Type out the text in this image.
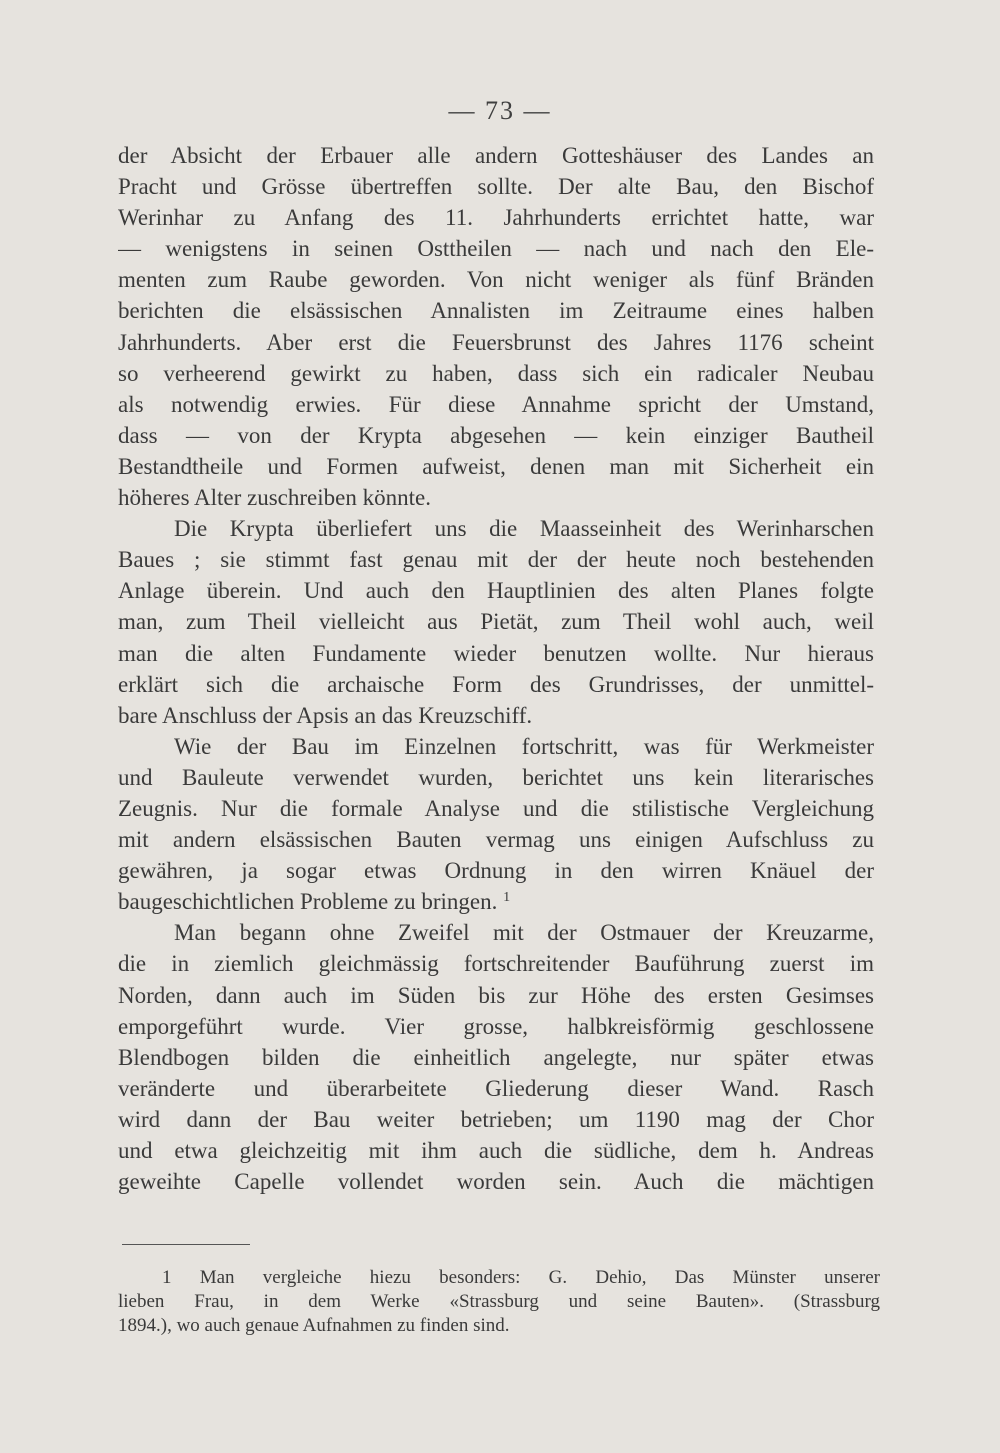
— 73 —

der Absicht der Erbauer alle andern Gotteshäuser des Landes an
Pracht und Grösse übertreffen sollte. Der alte Bau, den Bischof
Werinhar zu Anfang des 11. Jahrhunderts errichtet hatte, war
— wenigstens in seinen Osttheilen — nach und nach den Ele-
menten zum Raube geworden. Von nicht weniger als fünf Bränden
berichten die elsässischen Annalisten im Zeitraume eines halben
Jahrhunderts. Aber erst die Feuersbrunst des Jahres 1176 scheint
so verheerend gewirkt zu haben, dass sich ein radicaler Neubau
als notwendig erwies. Für diese Annahme spricht der Umstand,
dass — von der Krypta abgesehen — kein einziger Bautheil
Bestandtheile und Formen aufweist, denen man mit Sicherheit ein
höheres Alter zuschreiben könnte.

Die Krypta überliefert uns die Maasseinheit des Werinharschen
Baues ; sie stimmt fast genau mit der der heute noch bestehenden
Anlage überein. Und auch den Hauptlinien des alten Planes folgte
man, zum Theil vielleicht aus Pietät, zum Theil wohl auch, weil
man die alten Fundamente wieder benutzen wollte. Nur hieraus
erklärt sich die archaische Form des Grundrisses, der unmittel-
bare Anschluss der Apsis an das Kreuzschiff.

Wie der Bau im Einzelnen fortschritt, was für Werkmeister
und Bauleute verwendet wurden, berichtet uns kein literarisches
Zeugnis. Nur die formale Analyse und die stilistische Vergleichung
mit andern elsässischen Bauten vermag uns einigen Aufschluss zu
gewähren, ja sogar etwas Ordnung in den wirren Knäuel der
baugeschichtlichen Probleme zu bringen. $^1$

Man begann ohne Zweifel mit der Ostmauer der Kreuzarme,
die in ziemlich gleichmässig fortschreitender Bauführung zuerst im
Norden, dann auch im Süden bis zur Höhe des ersten Gesimses
emporgeführt wurde. Vier grosse, halbkreisförmig geschlossene
Blendbogen bilden die einheitlich angelegte, nur später etwas
veränderte und überarbeitete Gliederung dieser Wand. Rasch
wird dann der Bau weiter betrieben; um 1190 mag der Chor
und etwa gleichzeitig mit ihm auch die südliche, dem h. Andreas
geweihte Capelle vollendet worden sein. Auch die mächtigen

1 Man vergleiche hiezu besonders: G. Dehio, Das Münster unserer
lieben Frau, in dem Werke «Strassburg und seine Bauten». (Strassburg
1894.), wo auch genaue Aufnahmen zu finden sind.
